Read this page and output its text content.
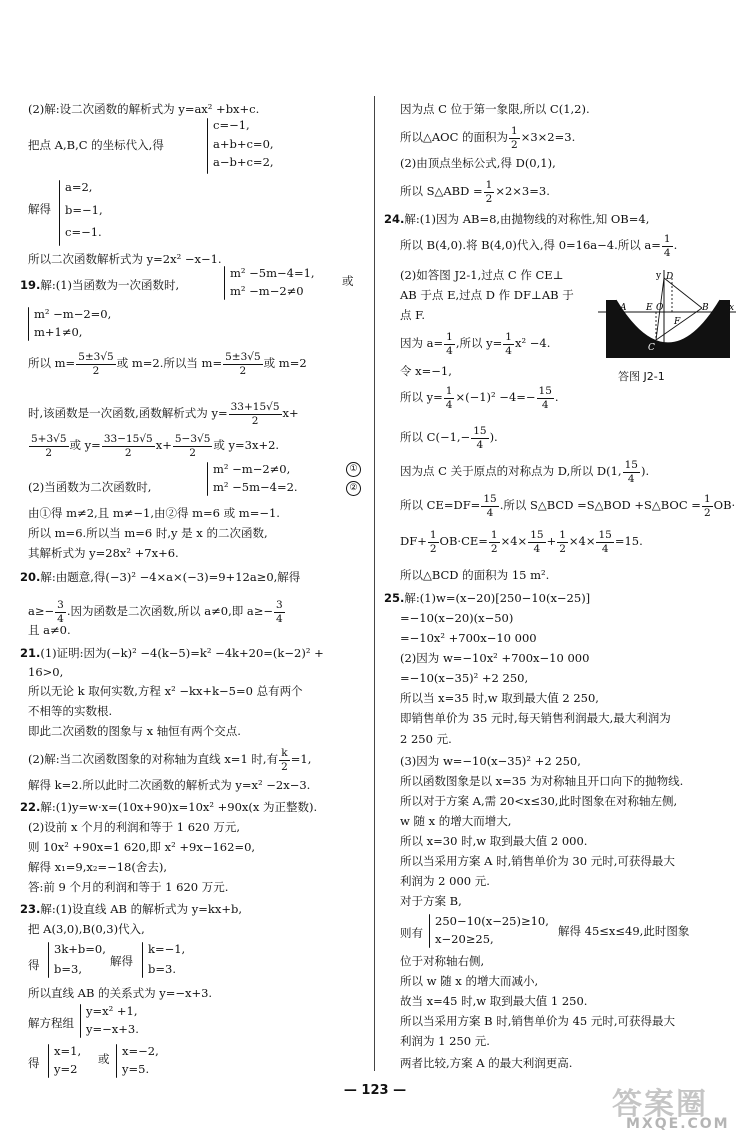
(2)解:设二次函数的解析式为 y=ax² +bx+c.
把点 A,B,C 的坐标代入,得
c=−1,
a+b+c=0,
a−b+c=2,
解得
a=2,
b=−1,
c=−1.
所以二次函数解析式为 y=2x² −x−1.
19.解:(1)当函数为一次函数时,
m² −5m−4=1,
m² −m−2≠0
或
m² −m−2=0,
m+1≠0,
所以 $m= \frac{5\pm 3√5}{2}$ 或 m=2.所以当 $m= \frac{5\pm 3√5}{2}$ 或 m=2
时,该函数是一次函数,函数解析式为 $y= \frac{33+15√5}{2} x+$
$\frac{5+3√5}{2}$ 或 $y= \frac{33-15√5}{2} x+ \frac{5-3√5}{2}$ 或 y=3x+2.
(2)当函数为二次函数时,
m² −m−2≠0,
m² −5m−4=2.
①
②
由①得 m≠2,且 m≠−1,由②得 m=6 或 m=−1.
所以 m=6.所以当 m=6 时,y 是 x 的二次函数,
其解析式为 y=28x² +7x+6.
20.解:由题意,得(−3)² −4×a×(−3)=9+12a≥0,解得
$a\ge- \frac{3}{4}$ .因为函数是二次函数,所以 a≠0,即 $a\ge- \frac{3}{4}$
且 a≠0.
21.(1)证明:因为(−k)² −4(k−5)=k² −4k+20=(k−2)² +
16>0,
所以无论 k 取何实数,方程 x² −kx+k−5=0 总有两个
不相等的实数根.
即此二次函数的图象与 x 轴恒有两个交点.
(2)解:当二次函数图象的对称轴为直线 x=1 时,有 $\frac{k}{2} =1$,
解得 k=2.所以此时二次函数的解析式为 y=x² −2x−3.
22.解:(1)y=w·x=(10x+90)x=10x² +90x(x 为正整数).
(2)设前 x 个月的利润和等于 1 620 万元,
则 10x² +90x=1 620,即 x² +9x−162=0,
解得 x₁=9,x₂=−18(舍去),
答:前 9 个月的利润和等于 1 620 万元.
23.解:(1)设直线 AB 的解析式为 y=kx+b,
把 A(3,0),B(0,3)代入,
得
3k+b=0,
b=3,
解得
k=−1,
b=3.
所以直线 AB 的关系式为 y=−x+3.
解方程组
y=x² +1,
y=−x+3.
得
x=1,
y=2
或
x=−2,
y=5.
因为点 C 位于第一象限,所以 C(1,2).
所以△AOC 的面积为 $\frac{1}{2} \times 3\times 2=3$.
(2)由顶点坐标公式,得 D(0,1),
所以 S△ABD = $\frac{1}{2} \times 2\times 3=3$.
24.解:(1)因为 AB=8,由抛物线的对称性,知 OB=4,
所以 B(4,0).将 B(4,0)代入,得 0=16a−4.所以 $a= \frac{1}{4}$ .
(2)如答图 J2-1,过点 C 作 CE⊥
AB 于点 E,过点 D 作 DF⊥AB 于
点 F.
因为 $a= \frac{1}{4}$ ,所以 $y= \frac{1}{4} x^2 -4$.
令 x=−1,
所以 $y= \frac{1}{4} \times(-1)^2 -4=- \frac{15}{4}$ .
所以 $C(-1,- \frac{15}{4}$ ).
因为点 C 关于原点的对称点为 D,所以 D(1, $\frac{15}{4}$ ).
所以 $CE=DF= \frac{15}{4}$ .所以 S△BCD =S△BOD +S△BOC = $\frac{1}{2} OB\cdot$
$DF+ \frac{1}{2} OB\cdot CE= \frac{1}{2} \times 4\times \frac{15}{4} + \frac{1}{2} \times 4\times \frac{15}{4} =15$.
所以△BCD 的面积为 15 m².
25.解:(1)w=(x−20)[250−10(x−25)]
=−10(x−20)(x−50)
=−10x² +700x−10 000
(2)因为 w=−10x² +700x−10 000
=−10(x−35)² +2 250,
所以当 x=35 时,w 取到最大值 2 250,
即销售单价为 35 元时,每天销售利润最大,最大利润为
2 250 元.
(3)因为 w=−10(x−35)² +2 250,
所以函数图象是以 x=35 为对称轴且开口向下的抛物线.
所以对于方案 A,需 20<x≤30,此时图象在对称轴左侧,
w 随 x 的增大而增大,
所以 x=30 时,w 取到最大值 2 000.
所以当采用方案 A 时,销售单价为 30 元时,可获得最大
利润为 2 000 元.
对于方案 B,
则有
250−10(x−25)≥10,
x−20≥25,
解得 45≤x≤49,此时图象
位于对称轴右侧,
所以 w 随 x 的增大而减小,
故当 x=45 时,w 取到最大值 1 250.
所以当采用方案 B 时,销售单价为 45 元时,可获得最大
利润为 1 250 元.
两者比较,方案 A 的最大利润更高.
y D
A E O	B
F
x
C
答图 J2-1
— 123 —	答案圈
MXQE.COM
